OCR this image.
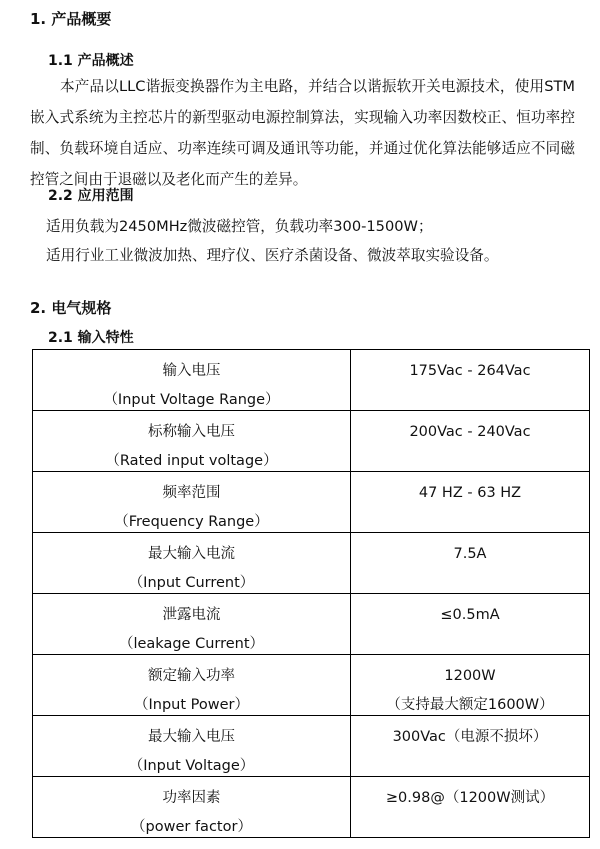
1. 产品概要
1.1 产品概述
本产品以LLC谐振变换器作为主电路，并结合以谐振软开关电源技术，使用STM嵌入式系统为主控芯片的新型驱动电源控制算法，实现输入功率因数校正、恒功率控制、负载环境自适应、功率连续可调及通讯等功能，并通过优化算法能够适应不同磁控管之间由于退磁以及老化而产生的差异。
2.2 应用范围
适用负载为2450MHz微波磁控管，负载功率300-1500W；
适用行业工业微波加热、理疗仪、医疗杀菌设备、微波萃取实验设备。
2. 电气规格
2.1 输入特性
输入电压
（Input Voltage Range）	175Vac - 264Vac

标称输入电压
（Rated input voltage）	200Vac - 240Vac

频率范围
（Frequency Range）	47 HZ - 63 HZ

最大输入电流
（Input Current）	7.5A

泄露电流
（leakage Current）	≤0.5mA

额定输入功率
（Input Power）	1200W
（支持最大额定1600W）

最大输入电压
（Input Voltage）	300Vac（电源不损坏）

功率因素
（power factor）	≥0.98@（1200W测试）
